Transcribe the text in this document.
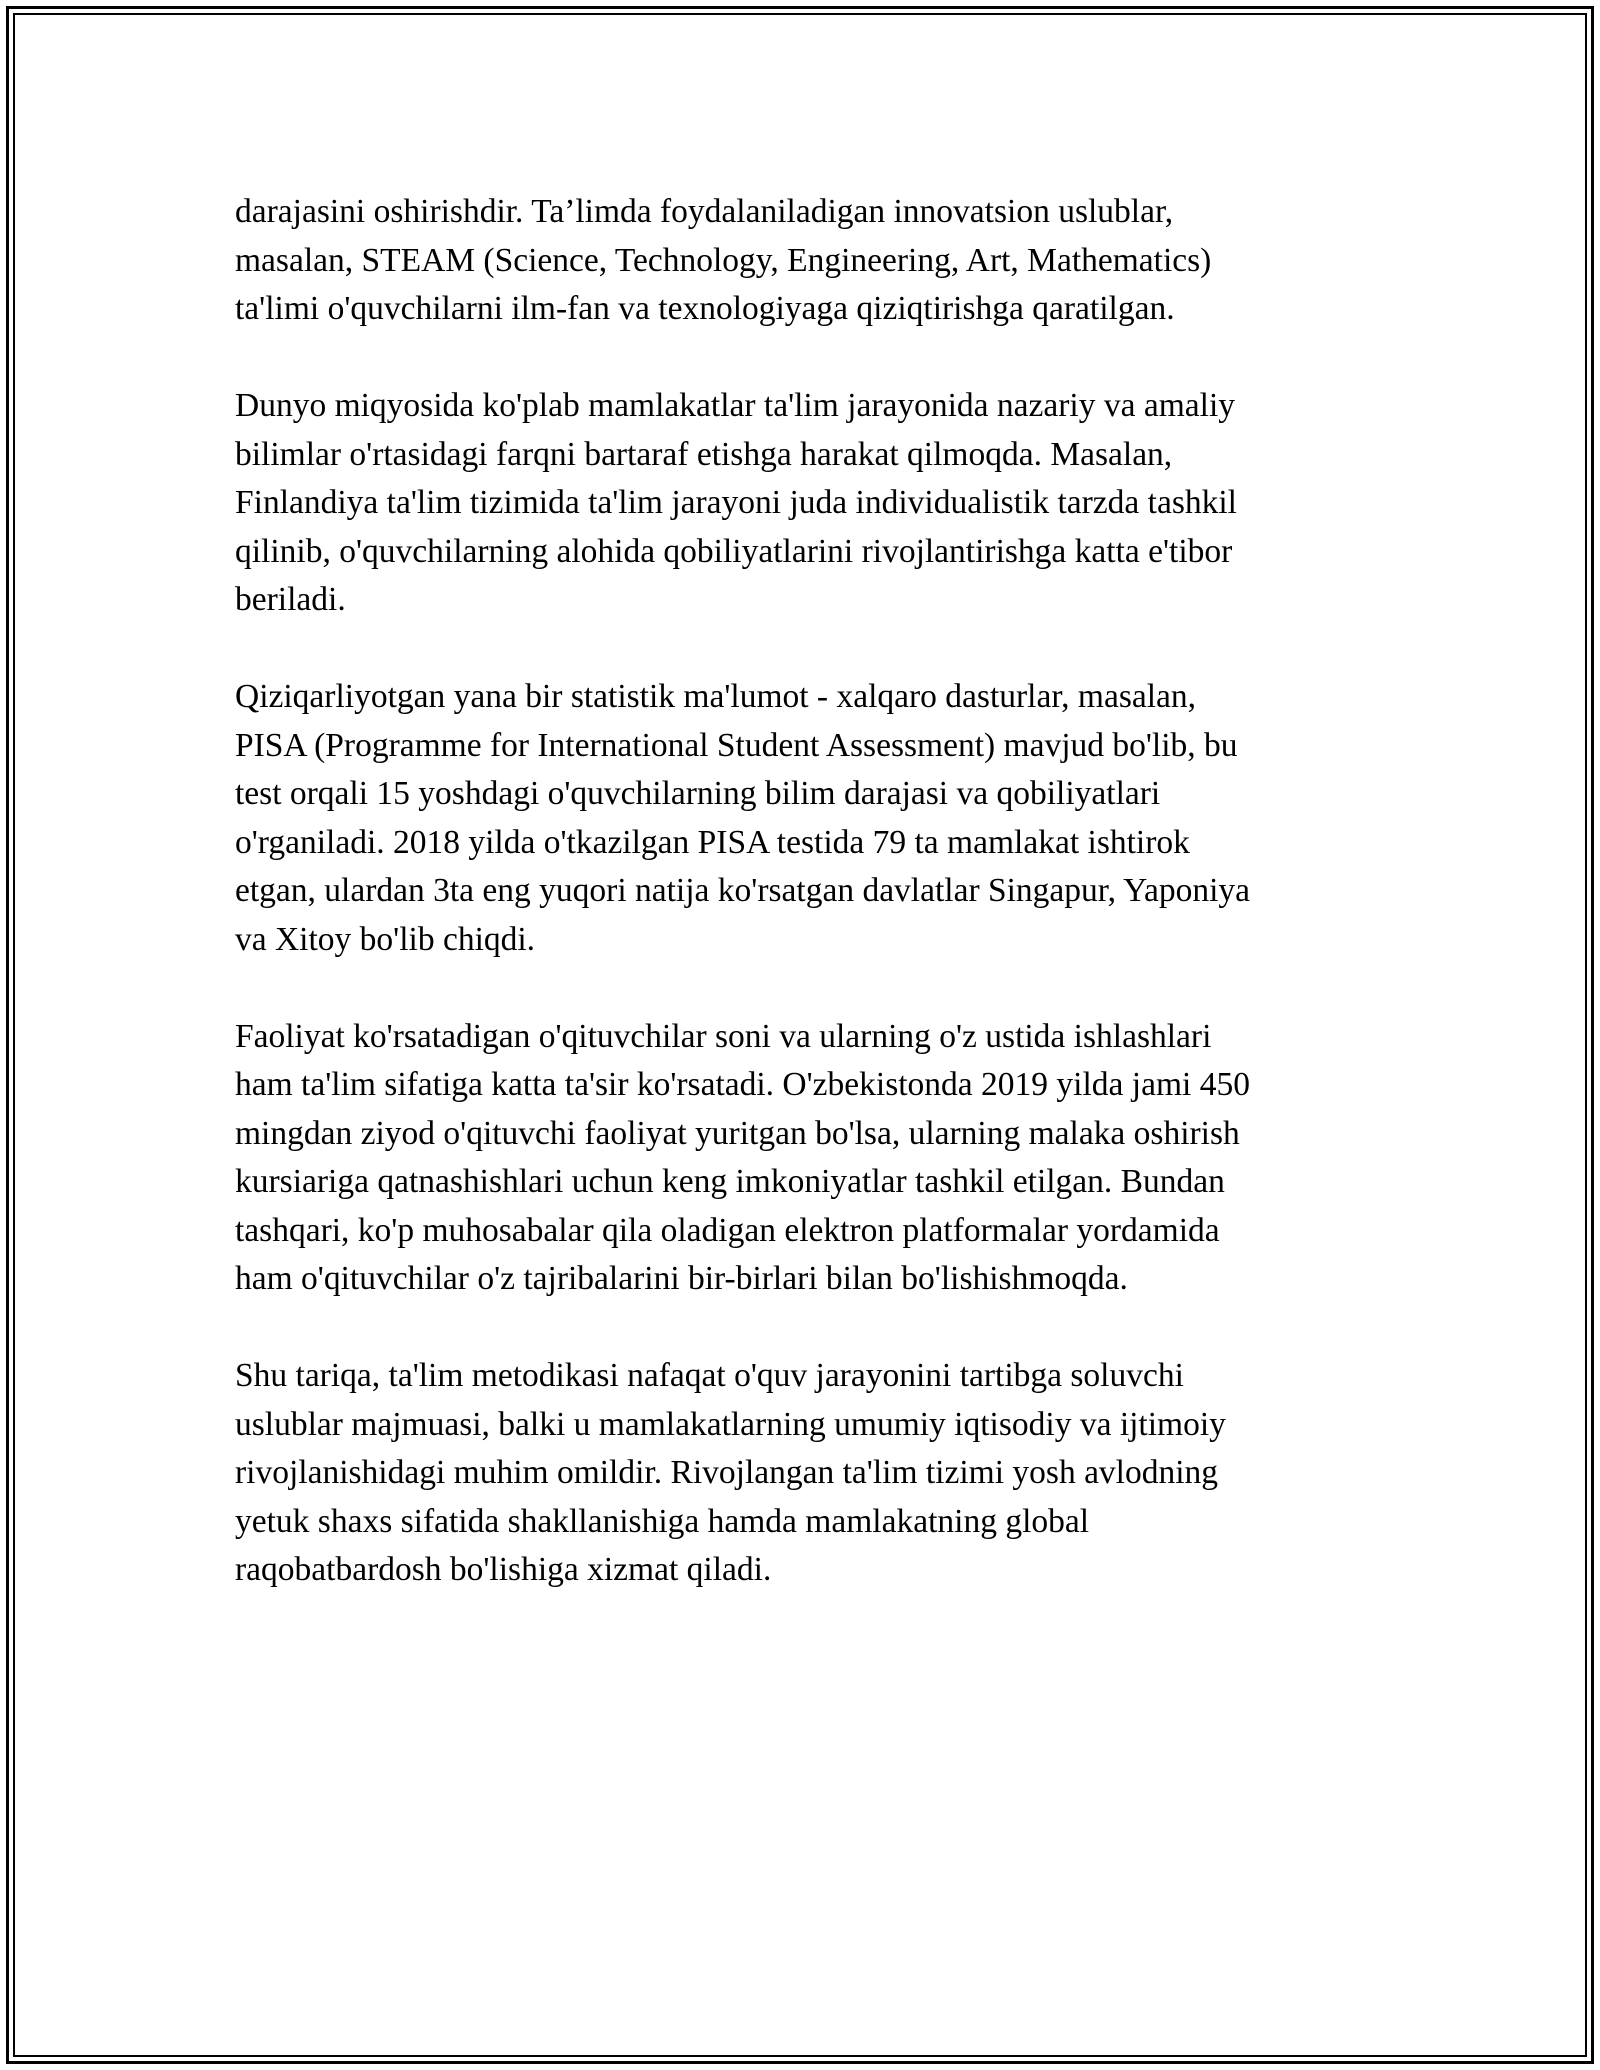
darajasini oshirishdir. Ta’limda foydalaniladigan innovatsion uslublar,
masalan, STEAM (Science, Technology, Engineering, Art, Mathematics)
ta'limi o'quvchilarni ilm-fan va texnologiyaga qiziqtirishga qaratilgan.

Dunyo miqyosida ko'plab mamlakatlar ta'lim jarayonida nazariy va amaliy
bilimlar o'rtasidagi farqni bartaraf etishga harakat qilmoqda. Masalan,
Finlandiya ta'lim tizimida ta'lim jarayoni juda individualistik tarzda tashkil
qilinib, o'quvchilarning alohida qobiliyatlarini rivojlantirishga katta e'tibor
beriladi.

Qiziqarliyotgan yana bir statistik ma'lumot - xalqaro dasturlar, masalan,
PISA (Programme for International Student Assessment) mavjud bo'lib, bu
test orqali 15 yoshdagi o'quvchilarning bilim darajasi va qobiliyatlari
o'rganiladi. 2018 yilda o'tkazilgan PISA testida 79 ta mamlakat ishtirok
etgan, ulardan 3ta eng yuqori natija ko'rsatgan davlatlar Singapur, Yaponiya
va Xitoy bo'lib chiqdi.

Faoliyat ko'rsatadigan o'qituvchilar soni va ularning o'z ustida ishlashlari
ham ta'lim sifatiga katta ta'sir ko'rsatadi. O'zbekistonda 2019 yilda jami 450
mingdan ziyod o'qituvchi faoliyat yuritgan bo'lsa, ularning malaka oshirish
kursiariga qatnashishlari uchun keng imkoniyatlar tashkil etilgan. Bundan
tashqari, ko'p muhosabalar qila oladigan elektron platformalar yordamida
ham o'qituvchilar o'z tajribalarini bir-birlari bilan bo'lishishmoqda.

Shu tariqa, ta'lim metodikasi nafaqat o'quv jarayonini tartibga soluvchi
uslublar majmuasi, balki u mamlakatlarning umumiy iqtisodiy va ijtimoiy
rivojlanishidagi muhim omildir. Rivojlangan ta'lim tizimi yosh avlodning
yetuk shaxs sifatida shakllanishiga hamda mamlakatning global
raqobatbardosh bo'lishiga xizmat qiladi.
